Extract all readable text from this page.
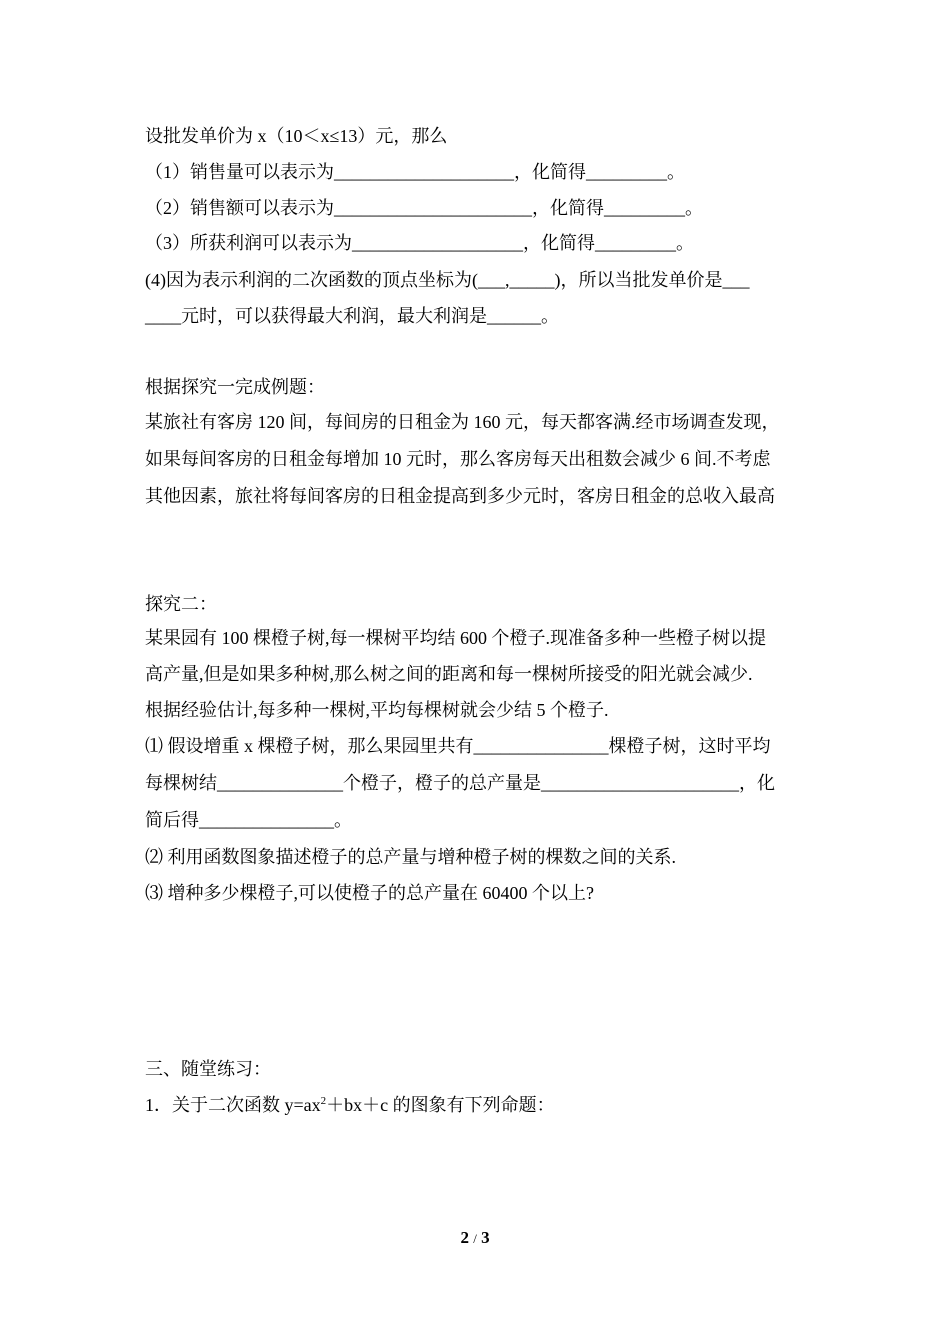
设批发单价为 x（10＜x≤13）元，那么
（1）销售量可以表示为____________________，化简得_________。
（2）销售额可以表示为______________________，化简得_________。
（3）所获利润可以表示为___________________，化简得_________。
(4)因为表示利润的二次函数的顶点坐标为(___,_____)，所以当批发单价是___
____元时，可以获得最大利润，最大利润是______。
根据探究一完成例题：
某旅社有客房 120 间，每间房的日租金为 160 元，每天都客满.经市场调查发现，
如果每间客房的日租金每增加 10 元时，那么客房每天出租数会减少 6 间.不考虑
其他因素，旅社将每间客房的日租金提高到多少元时，客房日租金的总收入最高
探究二：
某果园有 100 棵橙子树,每一棵树平均结 600 个橙子.现准备多种一些橙子树以提
高产量,但是如果多种树,那么树之间的距离和每一棵树所接受的阳光就会减少.
根据经验估计,每多种一棵树,平均每棵树就会少结 5 个橙子.
⑴ 假设增重 x 棵橙子树，那么果园里共有_______________棵橙子树，这时平均
每棵树结______________个橙子，橙子的总产量是______________________，化
简后得_______________。
⑵ 利用函数图象描述橙子的总产量与增种橙子树的棵数之间的关系.
⑶ 增种多少棵橙子,可以使橙子的总产量在 60400 个以上?
三、随堂练习：
1．关于二次函数 $y=ax^2+bx+c$ 的图象有下列命题：
2 / 3
